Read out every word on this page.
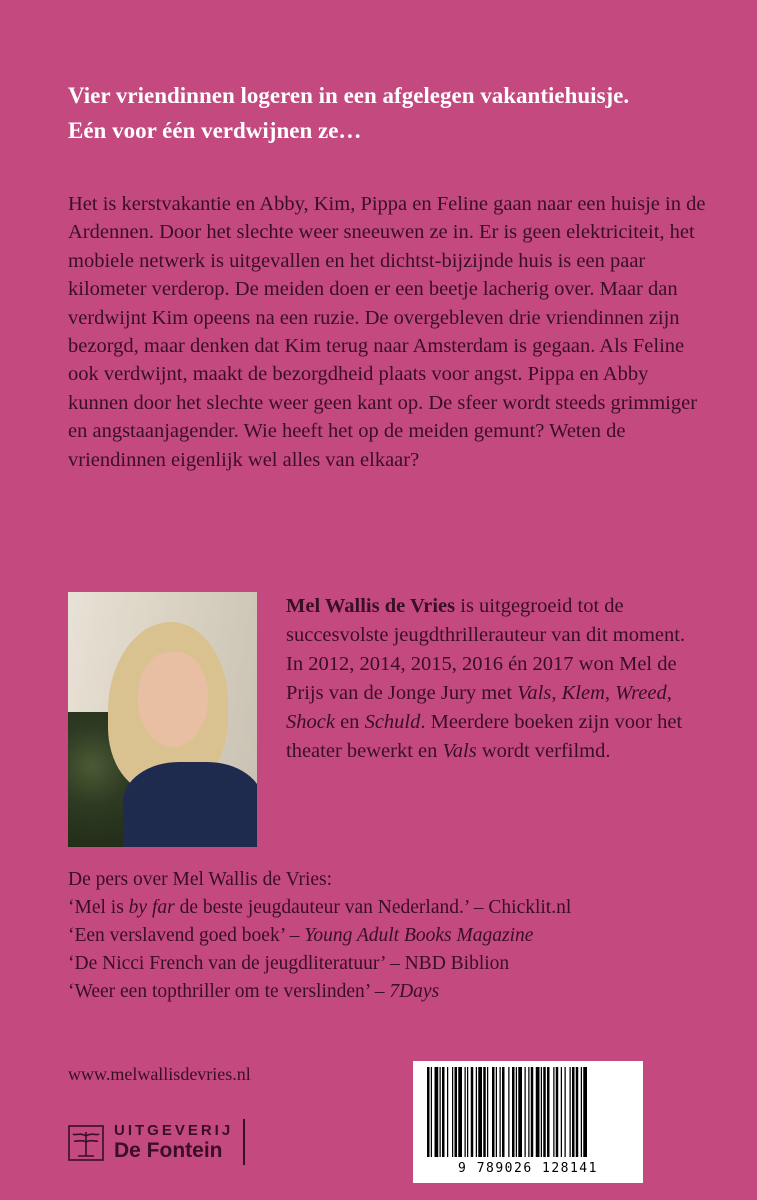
Vier vriendinnen logeren in een afgelegen vakantiehuisje.
Eén voor één verdwijnen ze…

Het is kerstvakantie en Abby, Kim, Pippa en Feline gaan naar een huisje in de Ardennen. Door het slechte weer sneeuwen ze in. Er is geen elektriciteit, het mobiele netwerk is uitgevallen en het dichtst-bijzijnde huis is een paar kilometer verderop. De meiden doen er een beetje lacherig over. Maar dan verdwijnt Kim opeens na een ruzie. De overgebleven drie vriendinnen zijn bezorgd, maar denken dat Kim terug naar Amsterdam is gegaan. Als Feline ook verdwijnt, maakt de bezorgdheid plaats voor angst. Pippa en Abby kunnen door het slechte weer geen kant op. De sfeer wordt steeds grimmiger en angstaanjagender. Wie heeft het op de meiden gemunt? Weten de vriendinnen eigenlijk wel alles van elkaar?

Mel Wallis de Vries is uitgegroeid tot de succesvolste jeugdthrillerauteur van dit moment. In 2012, 2014, 2015, 2016 én 2017 won Mel de Prijs van de Jonge Jury met Vals, Klem, Wreed, Shock en Schuld. Meerdere boeken zijn voor het theater bewerkt en Vals wordt verfilmd.
De pers over Mel Wallis de Vries:
‘Mel is by far de beste jeugdauteur van Nederland.’ – Chicklit.nl
‘Een verslavend goed boek’ – Young Adult Books Magazine
‘De Nicci French van de jeugdliteratuur’ – NBD Biblion
‘Weer een topthriller om te verslinden’ – 7Days
www.melwallisdevries.nl
UITGEVERIJ
De Fontein
9 789026 128141
